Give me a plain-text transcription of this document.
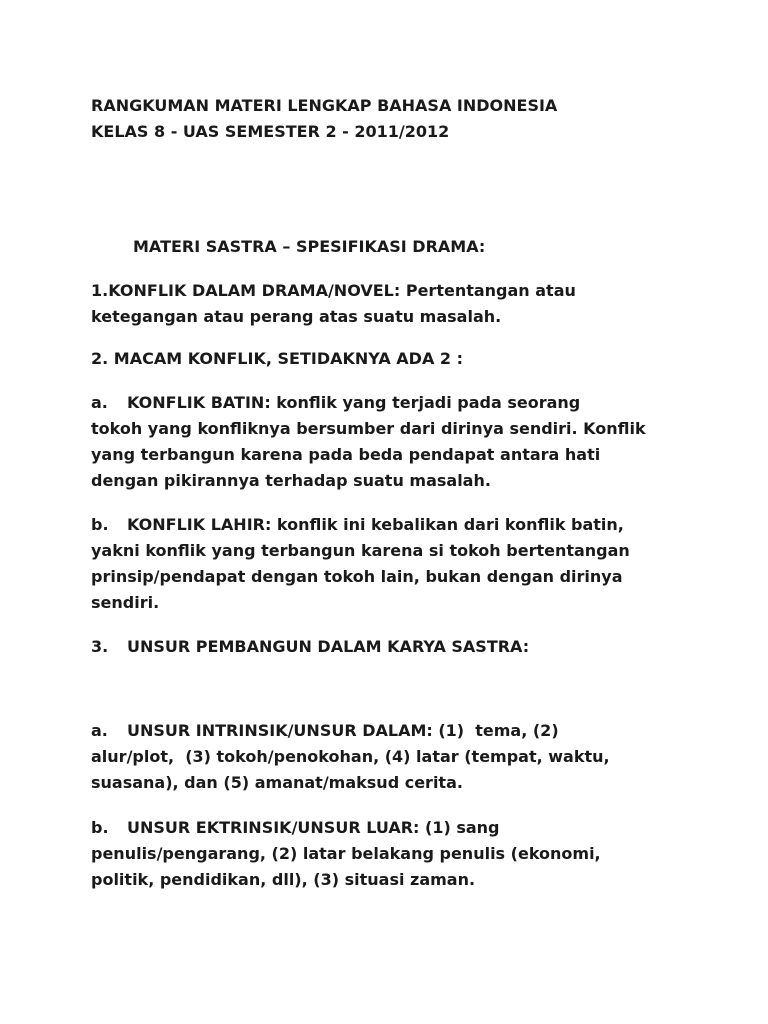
RANGKUMAN MATERI LENGKAP BAHASA INDONESIA
KELAS 8 - UAS SEMESTER 2 - 2011/2012
MATERI SASTRA – SPESIFIKASI DRAMA:
1.KONFLIK DALAM DRAMA/NOVEL: Pertentangan atau
ketegangan atau perang atas suatu masalah.
2. MACAM KONFLIK, SETIDAKNYA ADA 2 :
a. KONFLIK BATIN: konflik yang terjadi pada seorang
tokoh yang konfliknya bersumber dari dirinya sendiri. Konflik
yang terbangun karena pada beda pendapat antara hati
dengan pikirannya terhadap suatu masalah.
b. KONFLIK LAHIR: konflik ini kebalikan dari konflik batin,
yakni konflik yang terbangun karena si tokoh bertentangan
prinsip/pendapat dengan tokoh lain, bukan dengan dirinya
sendiri.
3. UNSUR PEMBANGUN DALAM KARYA SASTRA:
a. UNSUR INTRINSIK/UNSUR DALAM: (1)  tema, (2)
alur/plot,  (3) tokoh/penokohan, (4) latar (tempat, waktu,
suasana), dan (5) amanat/maksud cerita.
b. UNSUR EKTRINSIK/UNSUR LUAR: (1) sang
penulis/pengarang, (2) latar belakang penulis (ekonomi,
politik, pendidikan, dll), (3) situasi zaman.
